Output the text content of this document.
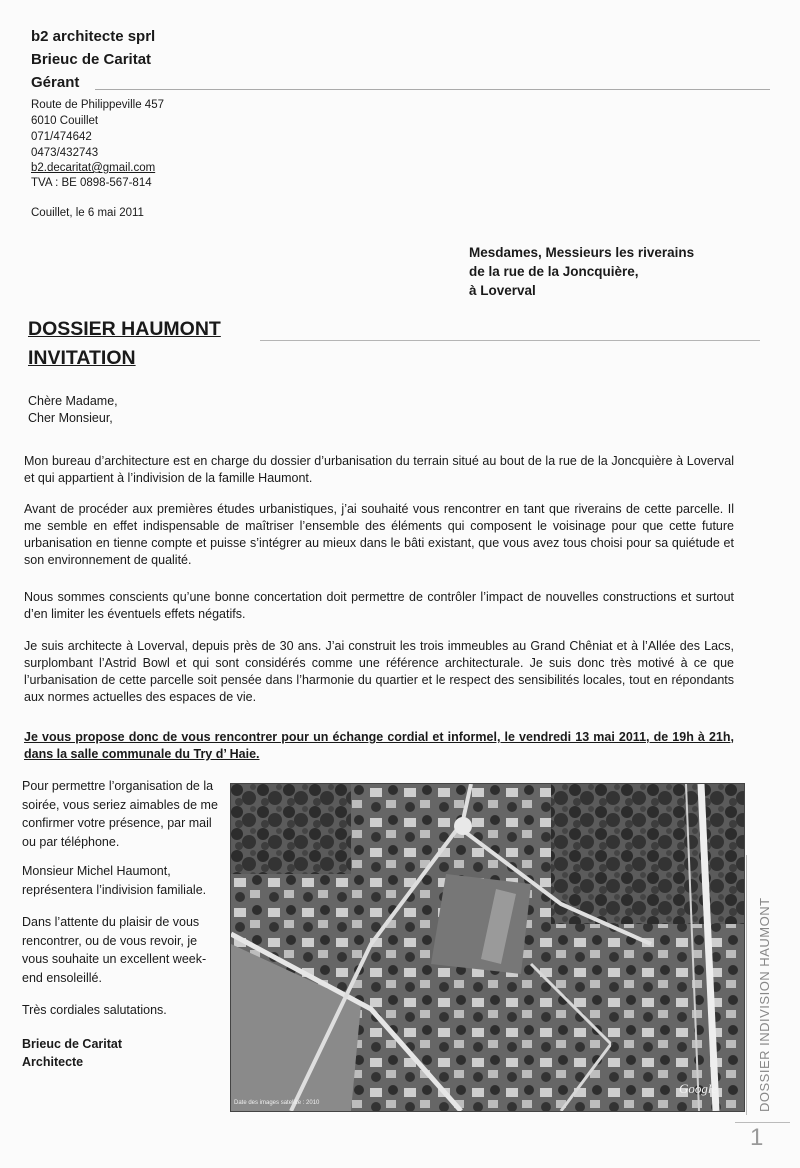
b2 architecte sprl
Brieuc de Caritat
Gérant
Route de Philippeville 457
6010 Couillet
071/474642
0473/432743
b2.decaritat@gmail.com
TVA : BE 0898-567-814
Couillet, le 6 mai 2011
Mesdames, Messieurs les riverains
de la rue de la Joncquière,
à Loverval
DOSSIER HAUMONT
INVITATION
Chère Madame,
Cher Monsieur,

Mon bureau d’architecture est en charge du dossier d’urbanisation du terrain situé au bout de la rue de la Joncquière à Loverval et qui appartient à l’indivision de la famille Haumont.

Avant de procéder aux premières études urbanistiques, j’ai souhaité vous rencontrer en tant que riverains de cette parcelle. Il me semble en effet indispensable de maîtriser l’ensemble des éléments qui composent le voisinage pour que cette future urbanisation en tienne compte et puisse s’intégrer au mieux dans le bâti existant, que vous avez tous choisi pour sa quiétude et son environnement de qualité.

Nous sommes conscients qu’une bonne concertation doit permettre de contrôler l’impact de nouvelles constructions et surtout d’en limiter les éventuels effets négatifs.

Je suis architecte à Loverval, depuis près de 30 ans. J’ai construit les trois immeubles au Grand Chêniat et à l’Allée des Lacs, surplombant l’Astrid Bowl et qui sont considérés comme une référence architecturale. Je suis donc très motivé à ce que l’urbanisation de cette parcelle soit pensée dans l’harmonie du quartier et le respect des sensibilités locales, tout en répondants aux normes actuelles des espaces de vie.

Je vous propose donc de vous rencontrer pour un échange cordial et informel, le vendredi 13 mai 2011, de 19h à 21h, dans la salle communale du Try d’ Haie.

Pour permettre l’organisation de la soirée, vous seriez aimables de me confirmer votre présence, par mail ou par téléphone.

Monsieur Michel Haumont, représentera l’indivision familiale.

Dans l’attente du plaisir de vous rencontrer, ou de vous revoir, je vous souhaite un excellent week-end ensoleillé.

Très cordiales salutations.

Brieuc de Caritat
Architecte
Google
Date des images satellite : 2010	DOSSIER INDIVISION HAUMONT
1
